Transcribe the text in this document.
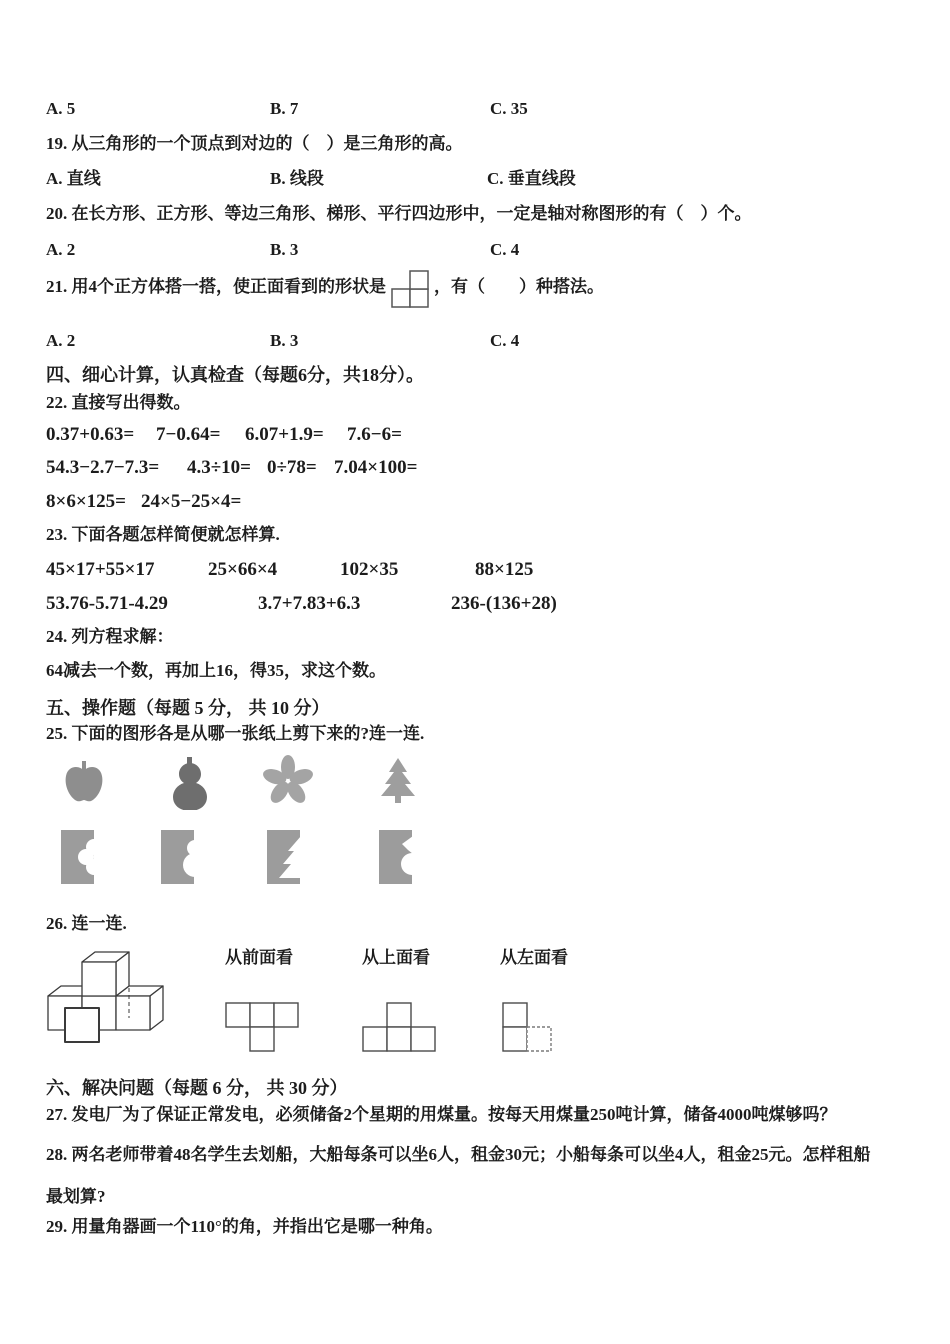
A. 5	B. 7	C. 35
19. 从三角形的一个顶点到对边的（　）是三角形的高。
A. 直线	B. 线段	C. 垂直线段
20. 在长方形、正方形、等边三角形、梯形、平行四边形中，一定是轴对称图形的有（　）个。
A. 2	B. 3	C. 4
21. 用4个正方体搭一搭，使正面看到的形状是	，有（　　）种搭法。
A. 2	B. 3	C. 4
四、细心计算，认真检查（每题6分，共18分）。
22. 直接写出得数。
0.37+0.63= 7−0.64= 6.07+1.9= 7.6−6=
54.3−2.7−7.3= 4.3÷10= 0÷78= 7.04×100=
8×6×125= 24×5−25×4=
23. 下面各题怎样简便就怎样算.
45×17+55×17	25×66×4	102×35	88×125
53.76-5.71-4.29	3.7+7.83+6.3	236-(136+28)
24. 列方程求解：
64减去一个数，再加上16，得35，求这个数。
五、操作题（每题 5 分， 共 10 分）
25. 下面的图形各是从哪一张纸上剪下来的?连一连.
26. 连一连.
从前面看	从上面看	从左面看
六、解决问题（每题 6 分， 共 30 分）
27. 发电厂为了保证正常发电，必须储备2个星期的用煤量。按每天用煤量250吨计算，储备4000吨煤够吗？
28. 两名老师带着48名学生去划船，大船每条可以坐6人，租金30元；小船每条可以坐4人，租金25元。怎样租船
最划算?
29. 用量角器画一个110°的角，并指出它是哪一种角。
